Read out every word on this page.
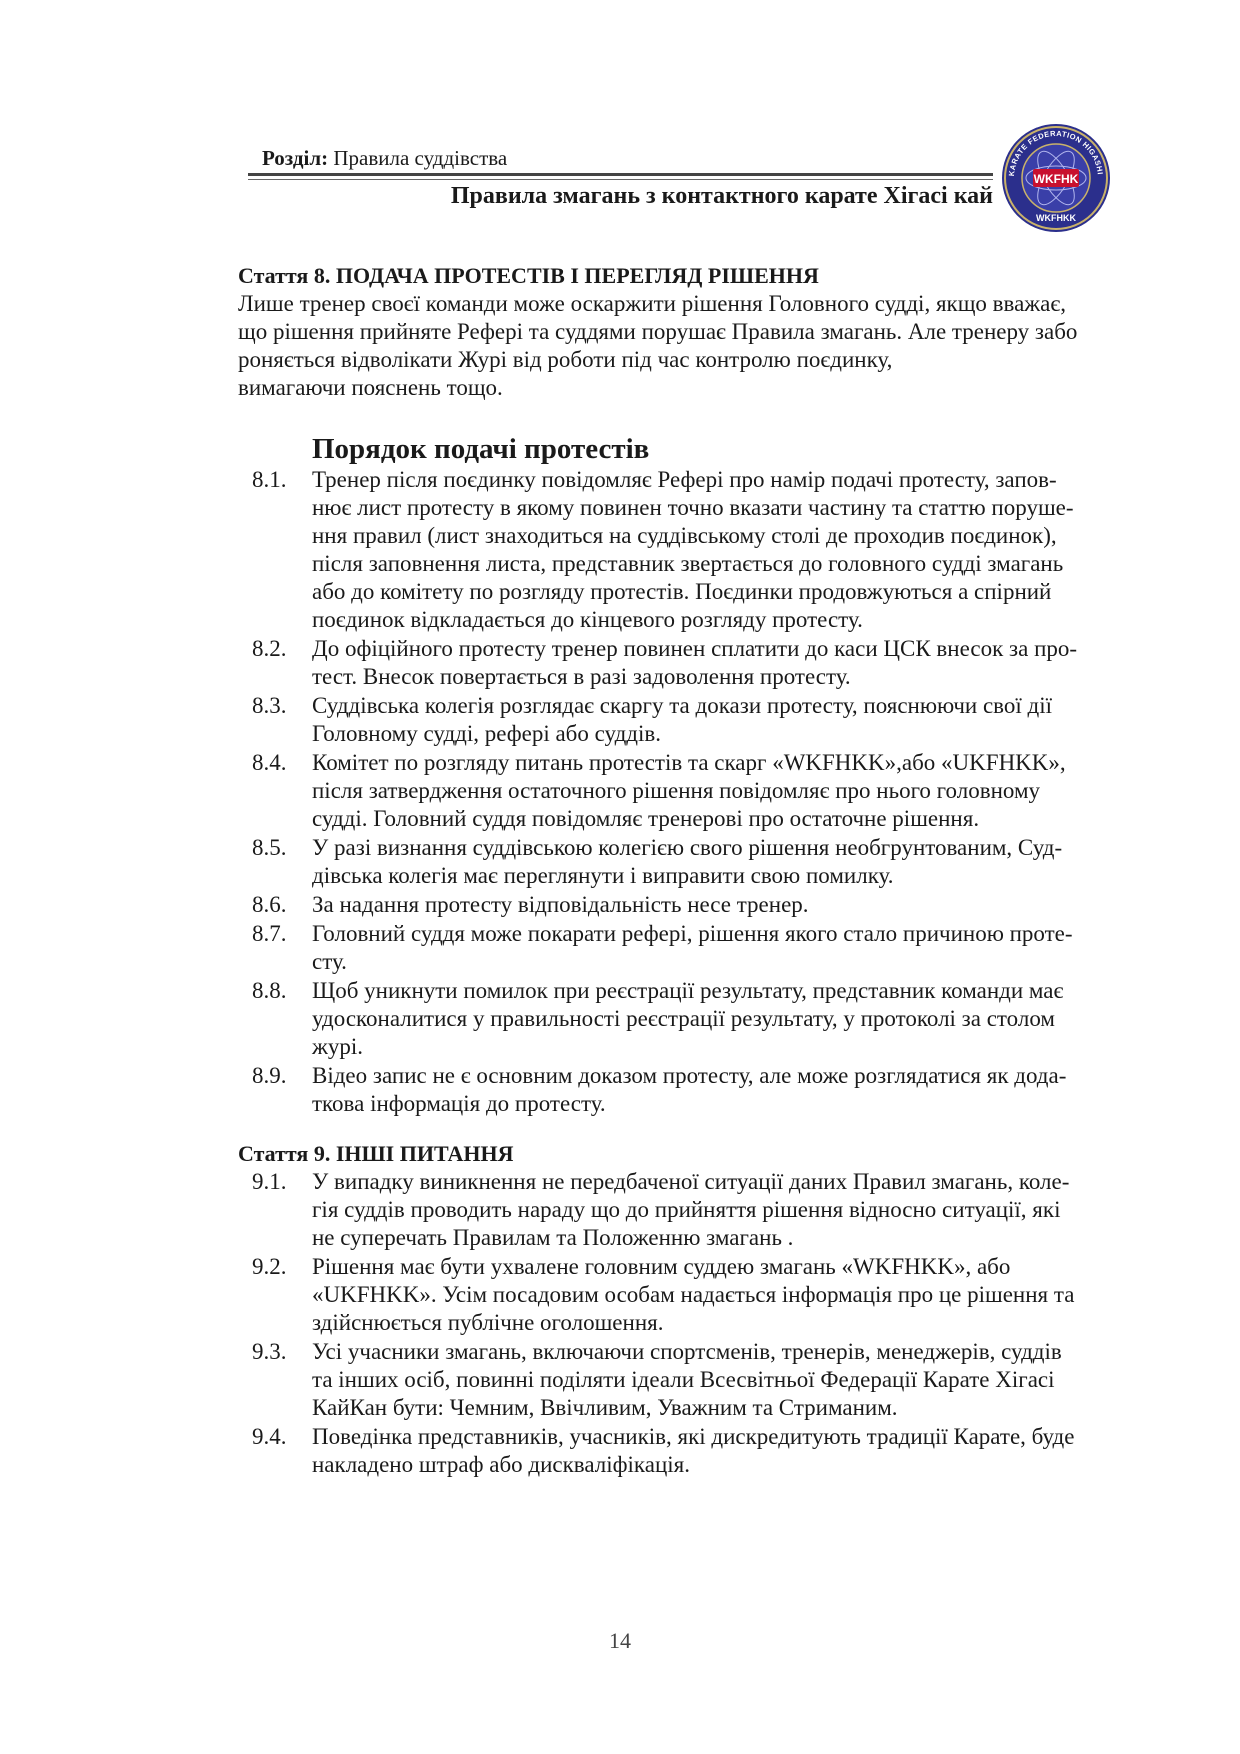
Розділ: Правила суддівства
Правила змагань з контактного карате Хігасі кай
WKFHK
KARATE FEDERATION HIGASHI
WKFHKK
Стаття 8. ПОДАЧА ПРОТЕСТІВ І ПЕРЕГЛЯД РІШЕННЯ

Лише тренер своєї команди може оскаржити рішення Головного судді, якщо вважає,

що рішення прийняте Рефері та суддями порушає Правила змагань. Але тренеру забо

роняється відволікати Журі від роботи під час контролю поєдинку,

вимагаючи пояснень тощо.

Порядок подачі протестів
8.1.	Тренер після поєдинку повідомляє Рефері про намір подачі протесту, запов-
нює лист протесту в якому повинен точно вказати частину та статтю поруше-
ння правил (лист знаходиться на суддівському столі де проходив поєдинок),
після заповнення листа, представник звертається до головного судді змагань
або до комітету по розгляду протестів. Поєдинки продовжуються а спірний
поєдинок відкладається до кінцевого розгляду протесту.
8.2.	До офіційного протесту тренер повинен сплатити до каси ЦСК внесок за про-
тест. Внесок повертається в разі задоволення протесту.
8.3.	Суддівська колегія розглядає скаргу та докази протесту, пояснюючи свої дії
Головному судді, рефері або суддів.
8.4.	Комітет по розгляду питань протестів та скарг «WKFHKK»,або «UKFHKK»,
після затвердження остаточного рішення повідомляє про нього головному
судді. Головний суддя повідомляє тренерові про остаточне рішення.
8.5.	У разі визнання суддівською колегією свого рішення необгрунтованим, Суд-
дівська колегія має переглянути і виправити свою помилку.
8.6.	За надання протесту відповідальність несе тренер.
8.7.	Головний суддя може покарати рефері, рішення якого стало причиною проте-
сту.
8.8.	Щоб уникнути помилок при реєстрації результату, представник команди має
удосконалитися у правильності реєстрації результату, у протоколі за столом
журі.
8.9.	Відео запис не є основним доказом протесту, але може розглядатися як дода-
ткова інформація до протесту.
Стаття 9. ІНШІ ПИТАННЯ
9.1.	У випадку виникнення не передбаченої ситуації даних Правил змагань, коле-
гія суддів проводить нараду що до прийняття рішення відносно ситуації, які
не суперечать Правилам та Положенню змагань .
9.2.	Рішення має бути ухвалене головним суддею змагань «WKFHKK», або
«UKFHKK». Усім посадовим особам надається інформація про це рішення та
здійснюється публічне оголошення.
9.3.	Усі учасники змагань, включаючи спортсменів, тренерів, менеджерів, суддів
та інших осіб, повинні поділяти ідеали Всесвітньої Федерації Карате Хігасі
КайКан бути: Чемним, Ввічливим, Уважним та Стриманим.
9.4.	Поведінка представників, учасників, які дискредитують традиції Карате, буде
накладено штраф або дискваліфікація.
14
